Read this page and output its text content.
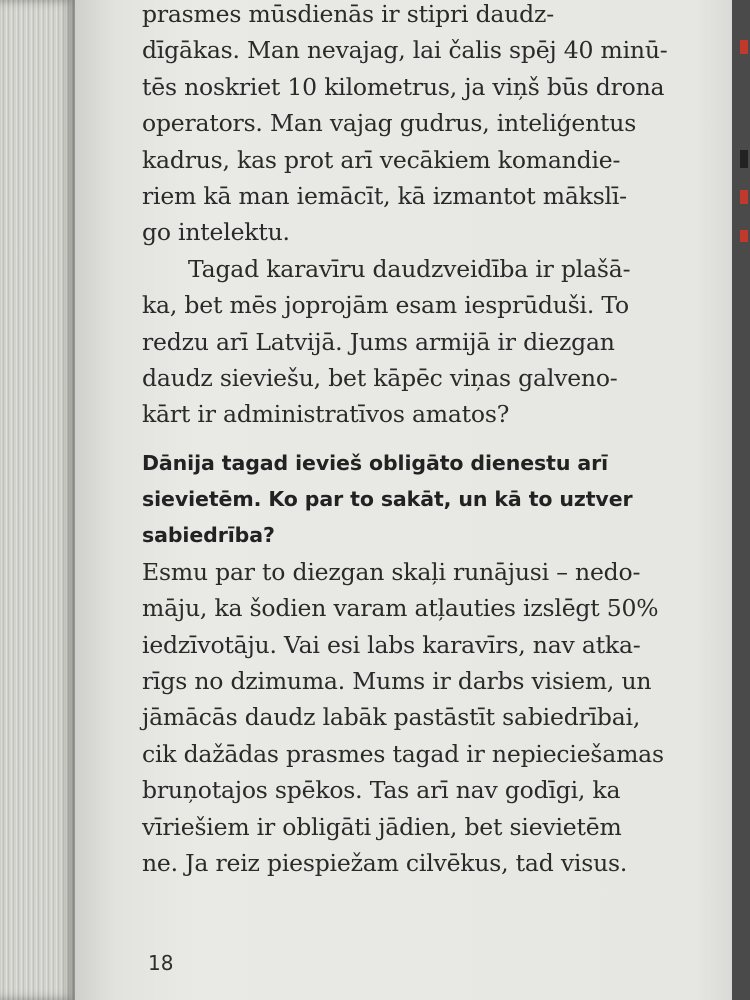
prasmes mūsdienās ir stipri daudz-
dīgākas. Man nevajag, lai čalis spēj 40 minū-
tēs noskriet 10 kilometrus, ja viņš būs drona
operators. Man vajag gudrus, inteliģentus
kadrus, kas prot arī vecākiem komandie-
riem kā man iemācīt, kā izmantot mākslī-
go intelektu.
Tagad karavīru daudzveidība ir plašā-
ka, bet mēs joprojām esam iesprūduši. To
redzu arī Latvijā. Jums armijā ir diezgan
daudz sieviešu, bet kāpēc viņas galveno-
kārt ir administratīvos amatos?
Dānija tagad ievieš obligāto dienestu arī
sievietēm. Ko par to sakāt, un kā to uztver
sabiedrība?
Esmu par to diezgan skaļi runājusi – nedo-
māju, ka šodien varam atļauties izslēgt 50%
iedzīvotāju. Vai esi labs karavīrs, nav atka-
rīgs no dzimuma. Mums ir darbs visiem, un
jāmācās daudz labāk pastāstīt sabiedrībai,
cik dažādas prasmes tagad ir nepieciešamas
bruņotajos spēkos. Tas arī nav godīgi, ka
vīriešiem ir obligāti jādien, bet sievietēm
ne. Ja reiz piespiežam cilvēkus, tad visus.
18
